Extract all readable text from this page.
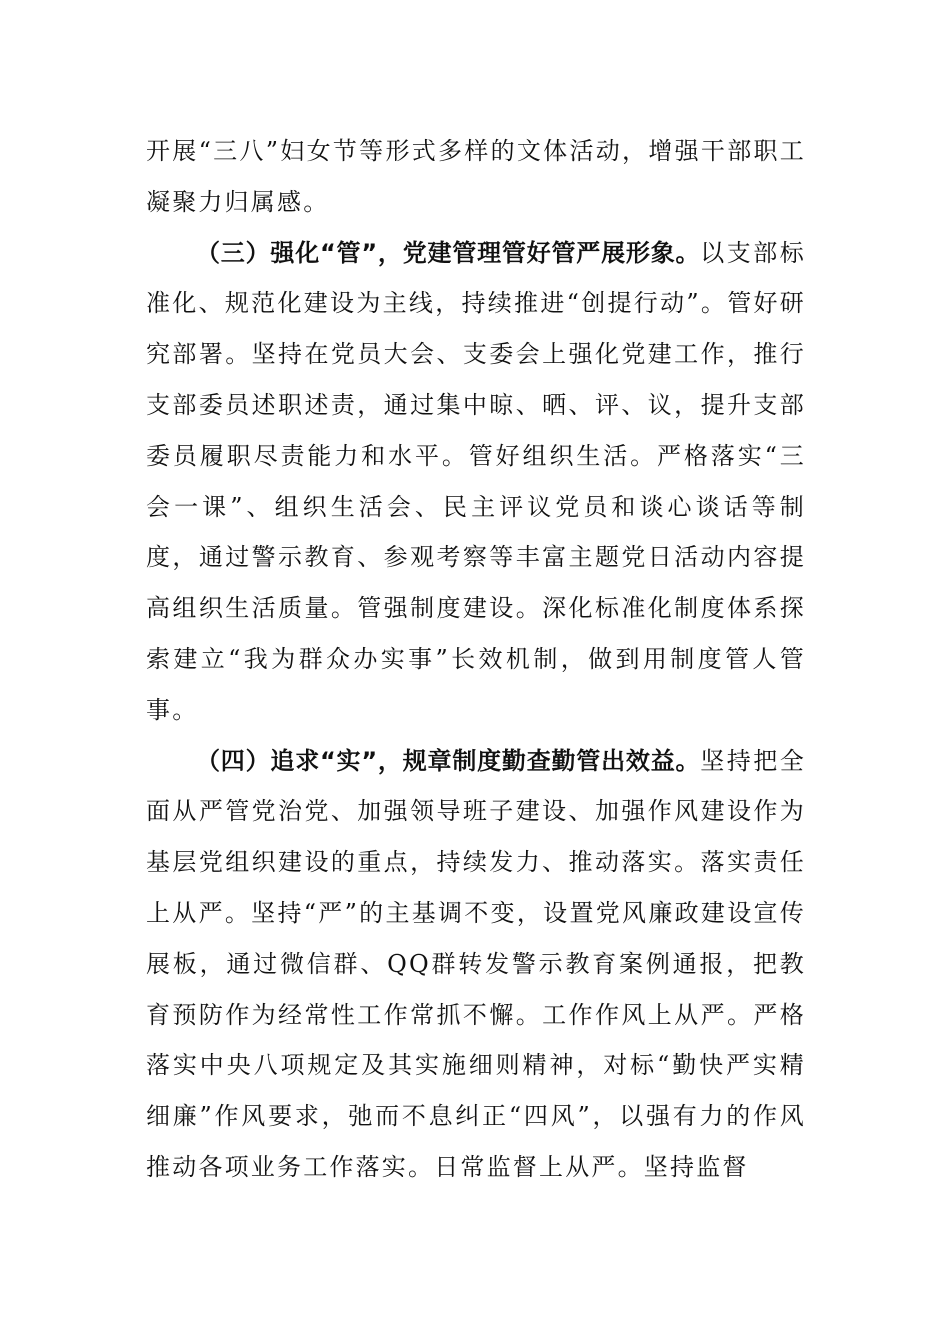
开展“三八”妇女节等形式多样的文体活动，增强干部职工凝聚力归属感。

（三）强化“管”，党建管理管好管严展形象。以支部标准化、规范化建设为主线，持续推进“创提行动”。管好研究部署。坚持在党员大会、支委会上强化党建工作，推行支部委员述职述责，通过集中晾、晒、评、议，提升支部委员履职尽责能力和水平。管好组织生活。严格落实“三会一课”、组织生活会、民主评议党员和谈心谈话等制度，通过警示教育、参观考察等丰富主题党日活动内容提高组织生活质量。管强制度建设。深化标准化制度体系探索建立“我为群众办实事”长效机制，做到用制度管人管事。

（四）追求“实”，规章制度勤查勤管出效益。坚持把全面从严管党治党、加强领导班子建设、加强作风建设作为基层党组织建设的重点，持续发力、推动落实。落实责任上从严。坚持“严”的主基调不变，设置党风廉政建设宣传展板，通过微信群、QQ群转发警示教育案例通报，把教育预防作为经常性工作常抓不懈。工作作风上从严。严格落实中央八项规定及其实施细则精神，对标“勤快严实精细廉”作风要求，弛而不息纠正“四风”，以强有力的作风推动各项业务工作落实。日常监督上从严。坚持监督
